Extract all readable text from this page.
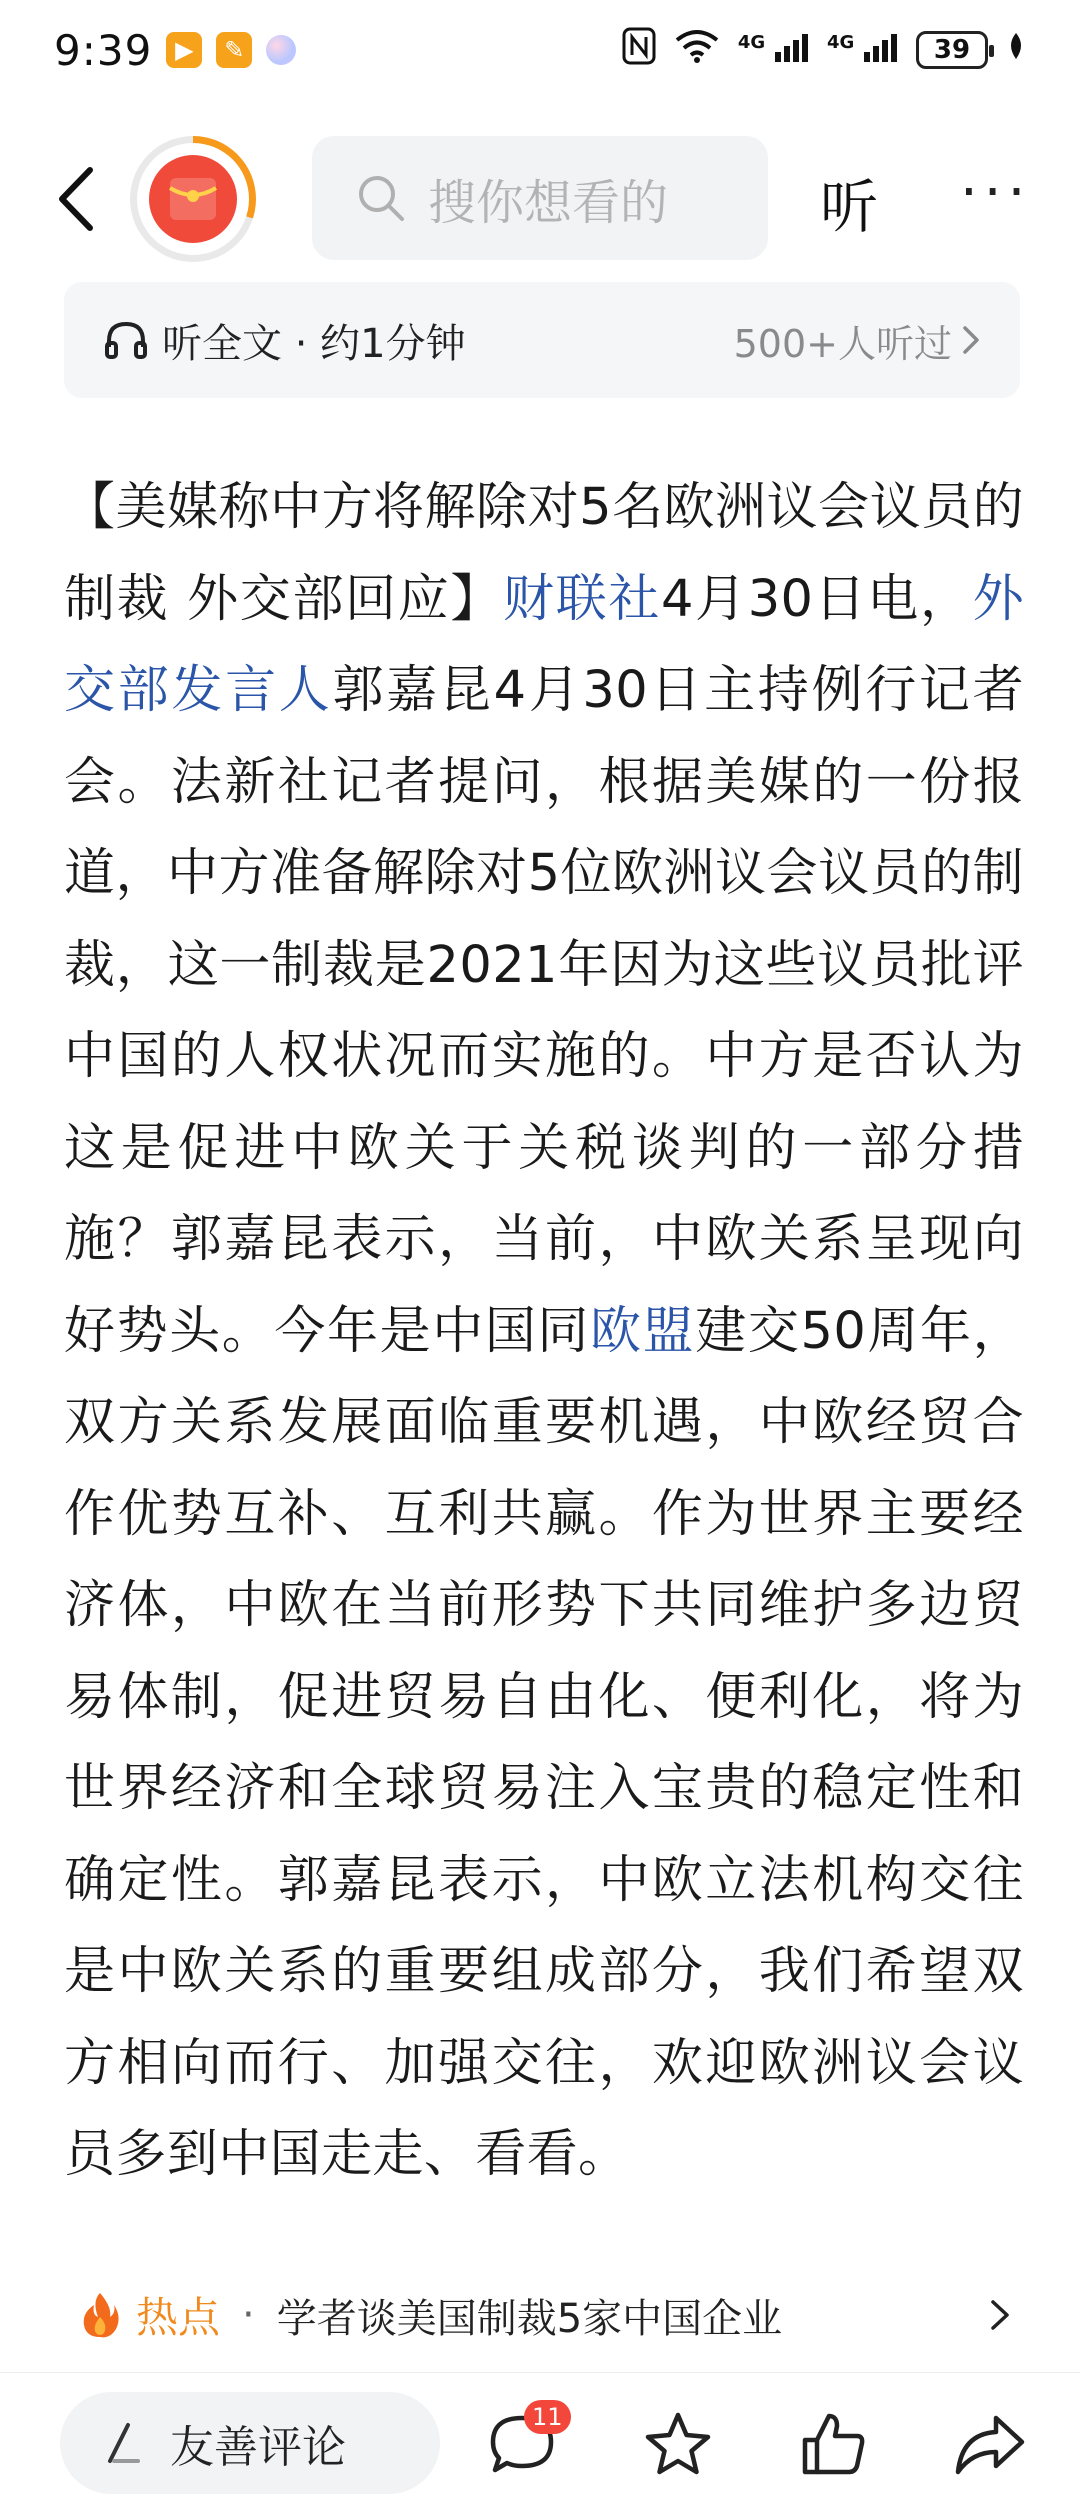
9:39 ▶	✎	$^{4G}$	$^{4G}$	39
搜你想看的	听 ···
听全文 · 约1分钟	500+人听过
【美媒称中方将解除对5名欧洲议会议员的制裁 外交部回应】财联社4月30日电，外交部发言人郭嘉昆4月30日主持例行记者会。法新社记者提问，根据美媒的一份报道，中方准备解除对5位欧洲议会议员的制裁，这一制裁是2021年因为这些议员批评中国的人权状况而实施的。中方是否认为这是促进中欧关于关税谈判的一部分措施？郭嘉昆表示，当前，中欧关系呈现向好势头。今年是中国同欧盟建交50周年，双方关系发展面临重要机遇，中欧经贸合作优势互补、互利共赢。作为世界主要经济体，中欧在当前形势下共同维护多边贸易体制，促进贸易自由化、便利化，将为世界经济和全球贸易注入宝贵的稳定性和确定性。郭嘉昆表示，中欧立法机构交往是中欧关系的重要组成部分，我们希望双方相向而行、加强交往，欢迎欧洲议会议员多到中国走走、看看。
热点 · 学者谈美国制裁5家中国企业
友善评论
11
